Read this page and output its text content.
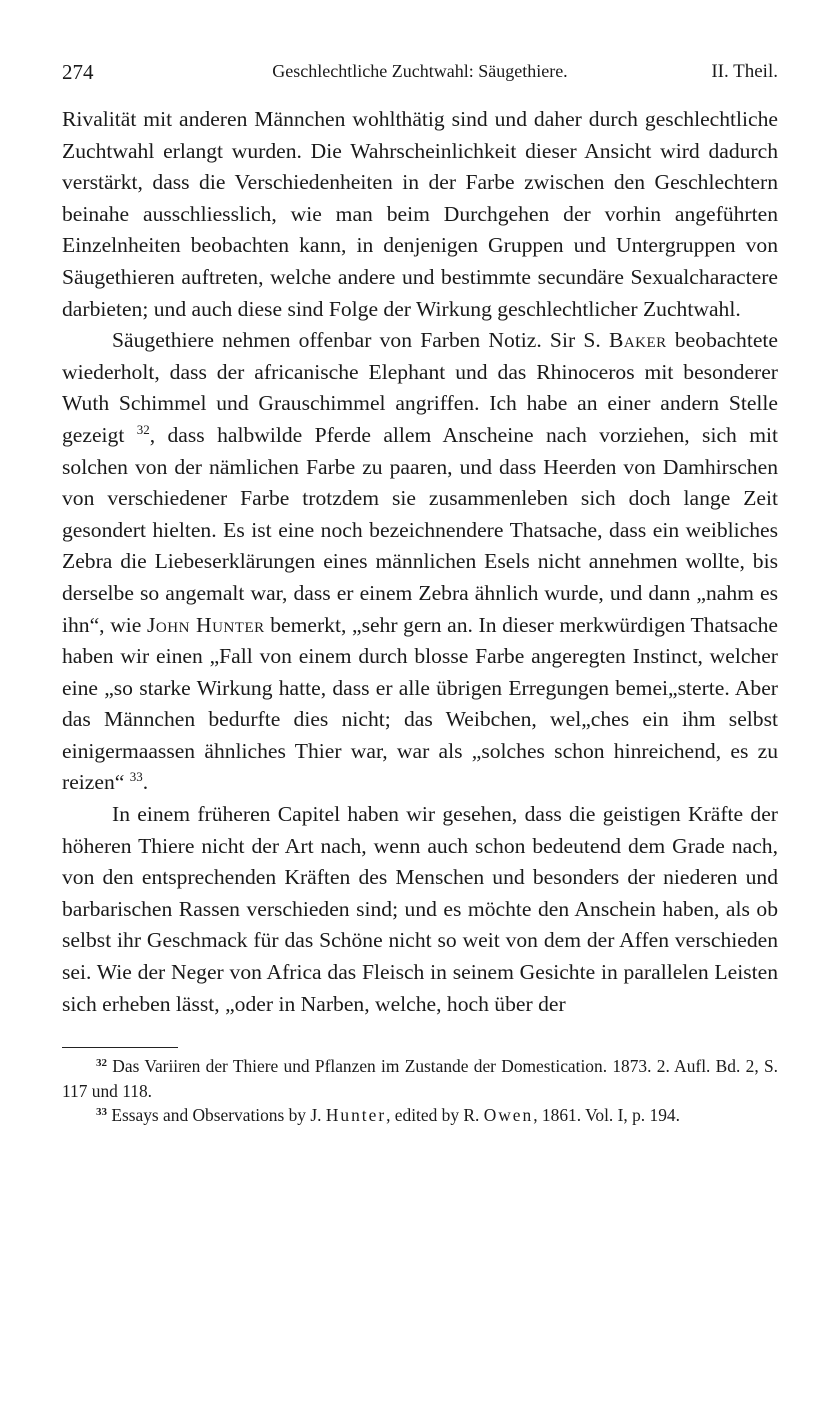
274	Geschlechtliche Zuchtwahl: Säugethiere.	II. Theil.

Rivalität mit anderen Männchen wohlthätig sind und daher durch geschlechtliche Zuchtwahl erlangt wurden. Die Wahrscheinlichkeit dieser Ansicht wird dadurch verstärkt, dass die Verschiedenheiten in der Farbe zwischen den Geschlechtern beinahe ausschliesslich, wie man beim Durchgehen der vorhin angeführten Einzelnheiten beobachten kann, in denjenigen Gruppen und Untergruppen von Säugethieren auftreten, welche andere und bestimmte secundäre Sexualcharactere darbieten; und auch diese sind Folge der Wirkung geschlechtlicher Zuchtwahl.

Säugethiere nehmen offenbar von Farben Notiz. Sir S. Baker beobachtete wiederholt, dass der africanische Elephant und das Rhinoceros mit besonderer Wuth Schimmel und Grauschimmel angriffen. Ich habe an einer andern Stelle gezeigt $^{32}$, dass halbwilde Pferde allem Anscheine nach vorziehen, sich mit solchen von der nämlichen Farbe zu paaren, und dass Heerden von Damhirschen von verschiedener Farbe trotzdem sie zusammenleben sich doch lange Zeit gesondert hielten. Es ist eine noch bezeichnendere Thatsache, dass ein weibliches Zebra die Liebeserklärungen eines männlichen Esels nicht annehmen wollte, bis derselbe so angemalt war, dass er einem Zebra ähnlich wurde, und dann „nahm es ihn“, wie John Hunter bemerkt, „sehr gern an. In dieser merkwürdigen Thatsache haben wir einen „Fall von einem durch blosse Farbe angeregten Instinct, welcher eine „so starke Wirkung hatte, dass er alle übrigen Erregungen bemei„sterte. Aber das Männchen bedurfte dies nicht; das Weibchen, wel„ches ein ihm selbst einigermaassen ähnliches Thier war, war als „solches schon hinreichend, es zu reizen“ $^{33}$.

In einem früheren Capitel haben wir gesehen, dass die geistigen Kräfte der höheren Thiere nicht der Art nach, wenn auch schon bedeutend dem Grade nach, von den entsprechenden Kräften des Menschen und besonders der niederen und barbarischen Rassen verschieden sind; und es möchte den Anschein haben, als ob selbst ihr Geschmack für das Schöne nicht so weit von dem der Affen verschieden sei. Wie der Neger von Africa das Fleisch in seinem Gesichte in parallelen Leisten sich erheben lässt, „oder in Narben, welche, hoch über der

$^{32}$ Das Variiren der Thiere und Pflanzen im Zustande der Domestication. 1873. 2. Aufl. Bd. 2, S. 117 und 118.

$^{33}$ Essays and Observations by J. Hunter, edited by R. Owen, 1861. Vol. I, p. 194.
